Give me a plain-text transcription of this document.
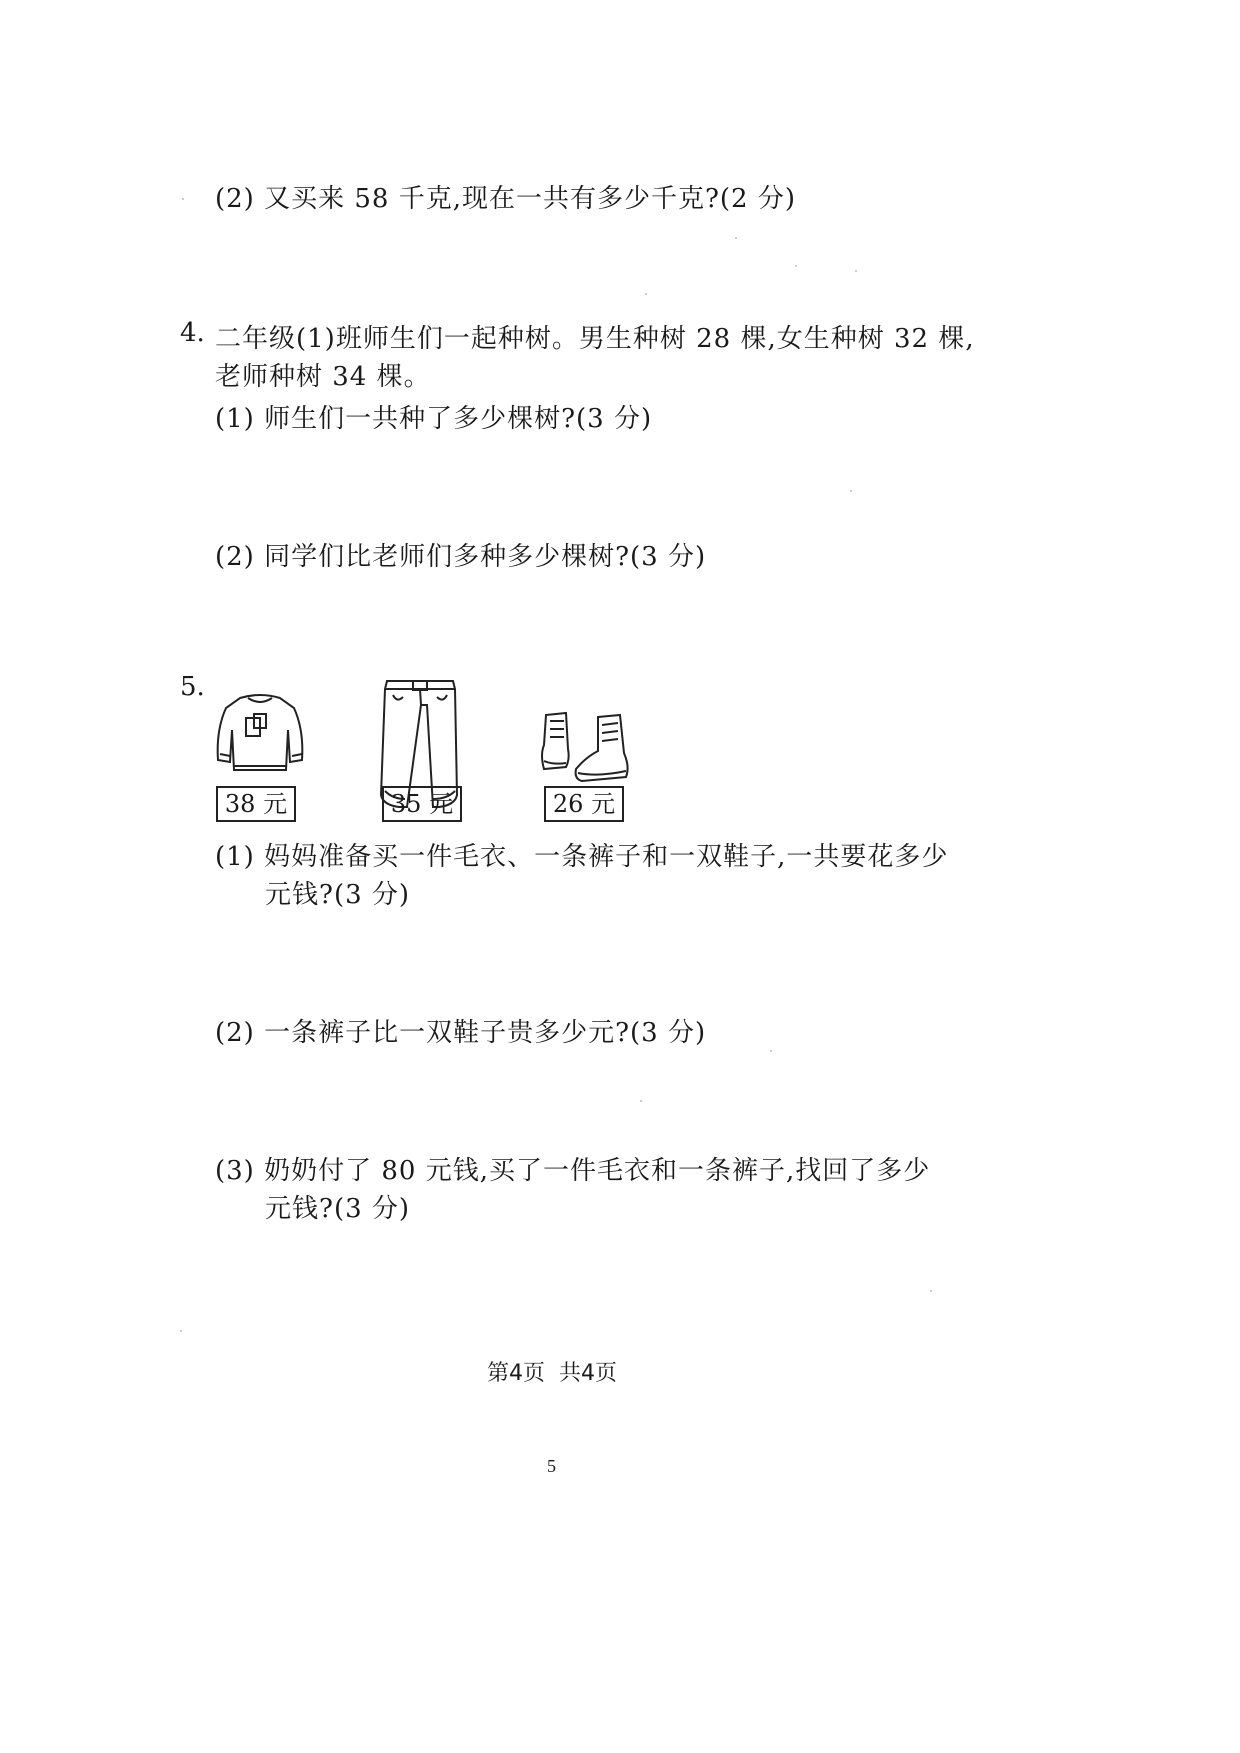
(2) 又买来 58 千克,现在一共有多少千克?(2 分)
4. 二年级(1)班师生们一起种树。男生种树 28 棵,女生种树 32 棵,
老师种树 34 棵。
(1) 师生们一共种了多少棵树?(3 分)
(2) 同学们比老师们多种多少棵树?(3 分)
5.
38 元	35 元	26 元
(1) 妈妈准备买一件毛衣、一条裤子和一双鞋子,一共要花多少
元钱?(3 分)
(2) 一条裤子比一双鞋子贵多少元?(3 分)
(3) 奶奶付了 80 元钱,买了一件毛衣和一条裤子,找回了多少
元钱?(3 分)
第4页  共4页
5
